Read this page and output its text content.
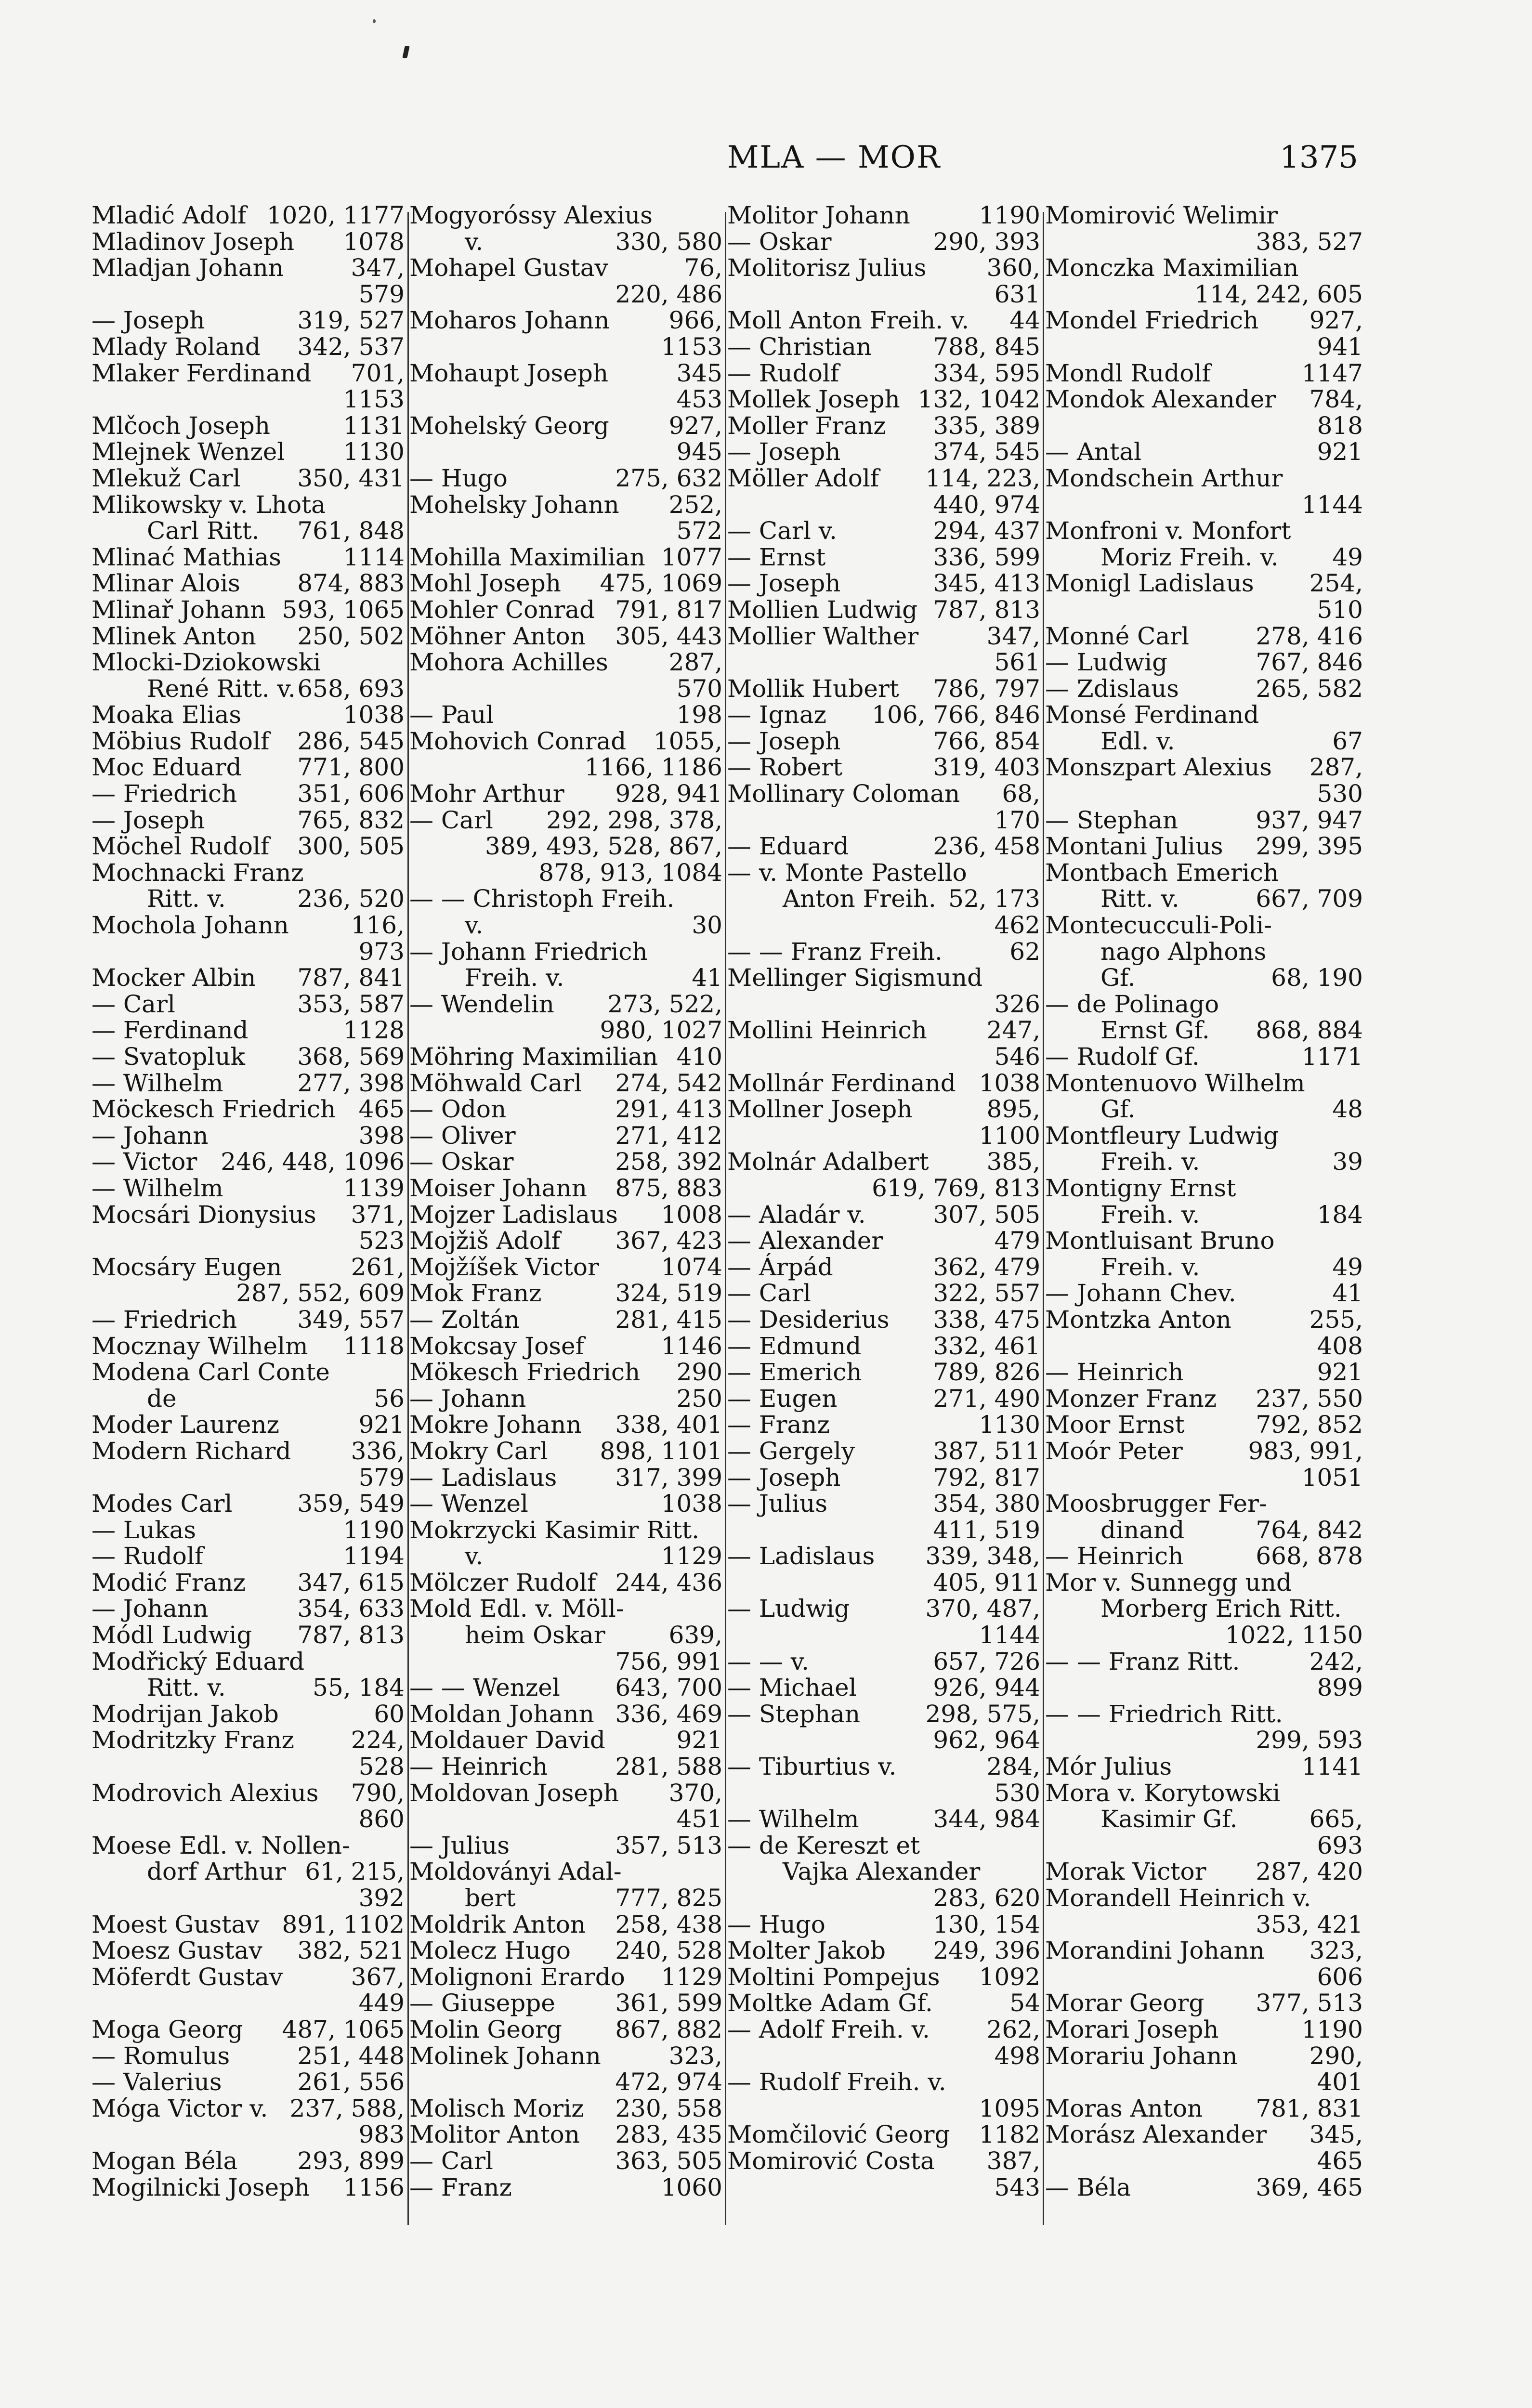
MLA — MOR	1375
Mladić Adolf 1020, 1177
Mladinov Joseph 1078
Mladjan Johann	347,
579
— Joseph	319, 527
Mlady Roland 342, 537
Mlaker Ferdinand 701,
1153
Mlčoch Joseph	1131
Mlejnek Wenzel 1130
Mlekuž Carl 350, 431
Mlikowsky v. Lhota
Carl Ritt. 761, 848
Mlinać Mathias	1114
Mlinar Alois 874, 883
Mlinař Johann 593, 1065
Mlinek Anton 250, 502
Mlocki-Dziokowski
René Ritt. v. 658, 693
Moaka Elias	1038
Möbius Rudolf 286, 545
Moc Eduard 771, 800
— Friedrich	351, 606
— Joseph	765, 832
Möchel Rudolf 300, 505
Mochnacki Franz
Ritt. v.	236, 520
Mochola Johann	116,
973
Mocker Albin 787, 841
— Carl	353, 587
— Ferdinand	1128
— Svatopluk 368, 569
— Wilhelm	277, 398
Möckesch Friedrich 465
— Johann	398
— Victor 246, 448, 1096
— Wilhelm	1139
Mocsári Dionysius 371,
523
Mocsáry Eugen	261,
287, 552, 609
— Friedrich	349, 557
Mocznay Wilhelm 1118
Modena Carl Conte
de	56
Moder Laurenz	921
Modern Richard 336,
579
Modes Carl	359, 549
— Lukas	1190
— Rudolf	1194
Modić Franz 347, 615
— Johann	354, 633
Módl Ludwig 787, 813
Modřický Eduard
Ritt. v.	55, 184
Modrijan Jakob	60
Modritzky Franz 224,
528
Modrovich Alexius 790,
860
Moese Edl. v. Nollen-
dorf Arthur 61, 215,
392
Moest Gustav 891, 1102
Moesz Gustav 382, 521
Möferdt Gustav	367,
449
Moga Georg 487, 1065
— Romulus	251, 448
— Valerius	261, 556
Móga Victor v. 237, 588,
983
Mogan Béla 293, 899
Mogilnicki Joseph 1156
Mogyoróssy Alexius
v.	330, 580
Mohapel Gustav	76,
220, 486
Moharos Johann 966,
1153
Mohaupt Joseph	345
453
Mohelský Georg 927,
945
— Hugo	275, 632
Mohelsky Johann 252,
572
Mohilla Maximilian 1077
Mohl Joseph 475, 1069
Mohler Conrad 791, 817
Möhner Anton 305, 443
Mohora Achilles	287,
570
— Paul	198
Mohovich Conrad 1055,
1166, 1186
Mohr Arthur 928, 941
— Carl 292, 298, 378,
389, 493, 528, 867,
878, 913, 1084
— — Christoph Freih.
v.	30
— Johann Friedrich
Freih. v.	41
— Wendelin 273, 522,
980, 1027
Möhring Maximilian 410
Möhwald Carl 274, 542
— Odon	291, 413
— Oliver	271, 412
— Oskar	258, 392
Moiser Johann 875, 883
Mojzer Ladislaus 1008
Mojžiš Adolf 367, 423
Mojžíšek Victor	1074
Mok Franz	324, 519
— Zoltán	281, 415
Mokcsay Josef	1146
Mökesch Friedrich 290
— Johann	250
Mokre Johann 338, 401
Mokry Carl 898, 1101
— Ladislaus 317, 399
— Wenzel	1038
Mokrzycki Kasimir Ritt.
v.	1129
Mölczer Rudolf 244, 436
Mold Edl. v. Möll-
heim Oskar	639,
756, 991
— — Wenzel 643, 700
Moldan Johann 336, 469
Moldauer David	921
— Heinrich	281, 588
Moldovan Joseph 370,
451
— Julius	357, 513
Moldoványi Adal-
bert	777, 825
Moldrik Anton 258, 438
Molecz Hugo 240, 528
Molignoni Erardo 1129
— Giuseppe 361, 599
Molin Georg 867, 882
Molinek Johann	323,
472, 974
Molisch Moriz 230, 558
Molitor Anton 283, 435
— Carl	363, 505
— Franz	1060
Molitor Johann	1190
— Oskar	290, 393
Molitorisz Julius	360,
631
Moll Anton Freih. v. 44
— Christian	788, 845
— Rudolf	334, 595
Mollek Joseph 132, 1042
Moller Franz 335, 389
— Joseph	374, 545
Möller Adolf 114, 223,
440, 974
— Carl v.	294, 437
— Ernst	336, 599
— Joseph	345, 413
Mollien Ludwig 787, 813
Mollier Walther	347,
561
Mollik Hubert 786, 797
— Ignaz 106, 766, 846
— Joseph	766, 854
— Robert	319, 403
Mollinary Coloman 68,
170
— Eduard	236, 458
— v. Monte Pastello
Anton Freih. 52, 173
462
— — Franz Freih.	62
Mellinger Sigismund
326
Mollini Heinrich 247,
546
Mollnár Ferdinand 1038
Mollner Joseph	895,
1100
Molnár Adalbert 385,
619, 769, 813
— Aladár v.	307, 505
— Alexander	479
— Árpád	362, 479
— Carl	322, 557
— Desiderius 338, 475
— Edmund	332, 461
— Emerich	789, 826
— Eugen	271, 490
— Franz	1130
— Gergely	387, 511
— Joseph	792, 817
— Julius	354, 380
411, 519
— Ladislaus 339, 348,
405, 911
— Ludwig	370, 487,
1144
— — v.	657, 726
— Michael	926, 944
— Stephan	298, 575,
962, 964
— Tiburtius v.	284,
530
— Wilhelm	344, 984
— de Kereszt et
Vajka Alexander
283, 620
— Hugo	130, 154
Molter Jakob 249, 396
Moltini Pompejus 1092
Moltke Adam Gf.	54
— Adolf Freih. v. 262,
498
— Rudolf Freih. v.
1095
Momčilović Georg 1182
Momirović Costa 387,
543
Momirović Welimir
383, 527
Monczka Maximilian
114, 242, 605
Mondel Friedrich 927,
941
Mondl Rudolf	1147
Mondok Alexander 784,
818
— Antal	921
Mondschein Arthur
1144
Monfroni v. Monfort
Moriz Freih. v. 49
Monigl Ladislaus 254,
510
Monné Carl	278, 416
— Ludwig	767, 846
— Zdislaus	265, 582
Monsé Ferdinand
Edl. v.	67
Monszpart Alexius 287,
530
— Stephan	937, 947
Montani Julius 299, 395
Montbach Emerich
Ritt. v.	667, 709
Montecucculi-Poli-
nago Alphons
Gf.	68, 190
— de Polinago
Ernst Gf. 868, 884
— Rudolf Gf.	1171
Montenuovo Wilhelm
Gf.	48
Montfleury Ludwig
Freih. v.	39
Montigny Ernst
Freih. v.	184
Montluisant Bruno
Freih. v.	49
— Johann Chev.	41
Montzka Anton	255,
408
— Heinrich	921
Monzer Franz 237, 550
Moor Ernst	792, 852
Moór Peter	983, 991,
1051
Moosbrugger Fer-
dinand	764, 842
— Heinrich	668, 878
Mor v. Sunnegg und
Morberg Erich Ritt.
1022, 1150
— — Franz Ritt.	242,
899
— — Friedrich Ritt.
299, 593
Mór Julius	1141
Mora v. Korytowski
Kasimir Gf.	665,
693
Morak Victor 287, 420
Morandell Heinrich v.
353, 421
Morandini Johann 323,
606
Morar Georg 377, 513
Morari Joseph	1190
Morariu Johann	290,
401
Moras Anton 781, 831
Morász Alexander 345,
465
— Béla	369, 465
